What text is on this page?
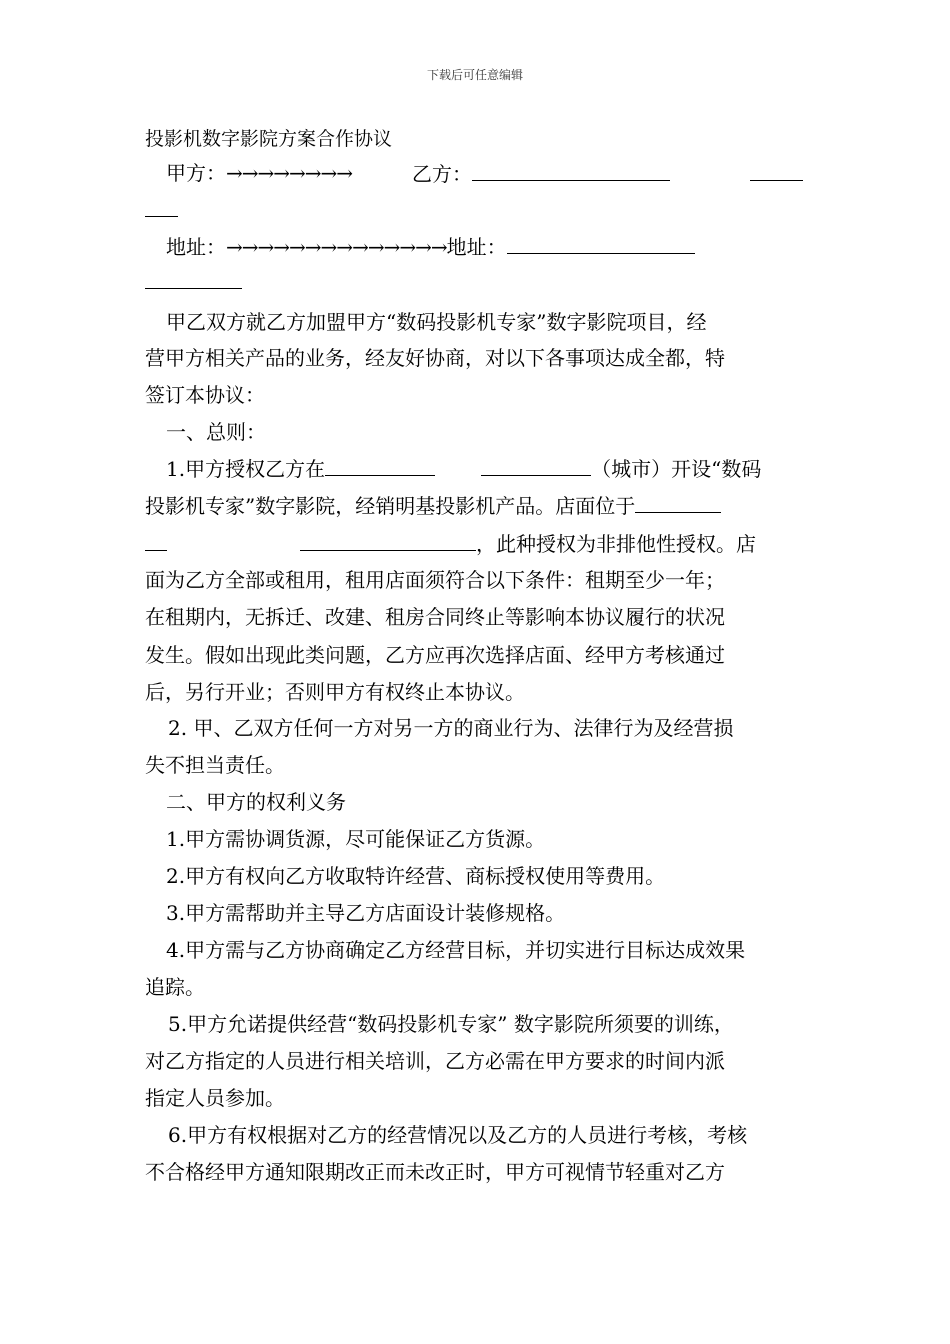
下载后可任意编辑
投影机数字影院方案合作协议
甲方：→→→→→→→→	乙方：
地址：→→→→→→→→→→→→→→地址：
甲乙双方就乙方加盟甲方“数码投影机专家”数字影院项目，经
营甲方相关产品的业务，经友好协商，对以下各事项达成全都，特
签订本协议：
一、总则：
1.甲方授权乙方在	（城市）开设“数码
投影机专家”数字影院，经销明基投影机产品。店面位于
，此种授权为非排他性授权。店
面为乙方全部或租用，租用店面须符合以下条件：租期至少一年；
在租期内，无拆迁、改建、租房合同终止等影响本协议履行的状况
发生。假如出现此类问题，乙方应再次选择店面、经甲方考核通过
后，另行开业；否则甲方有权终止本协议。
2. 甲、乙双方任何一方对另一方的商业行为、法律行为及经营损
失不担当责任。
二、甲方的权利义务
1.甲方需协调货源，尽可能保证乙方货源。
2.甲方有权向乙方收取特许经营、商标授权使用等费用。
3.甲方需帮助并主导乙方店面设计装修规格。
4.甲方需与乙方协商确定乙方经营目标，并切实进行目标达成效果
追踪。
5.甲方允诺提供经营“数码投影机专家” 数字影院所须要的训练，
对乙方指定的人员进行相关培训，乙方必需在甲方要求的时间内派
指定人员参加。
6.甲方有权根据对乙方的经营情况以及乙方的人员进行考核，考核
不合格经甲方通知限期改正而未改正时，甲方可视情节轻重对乙方
